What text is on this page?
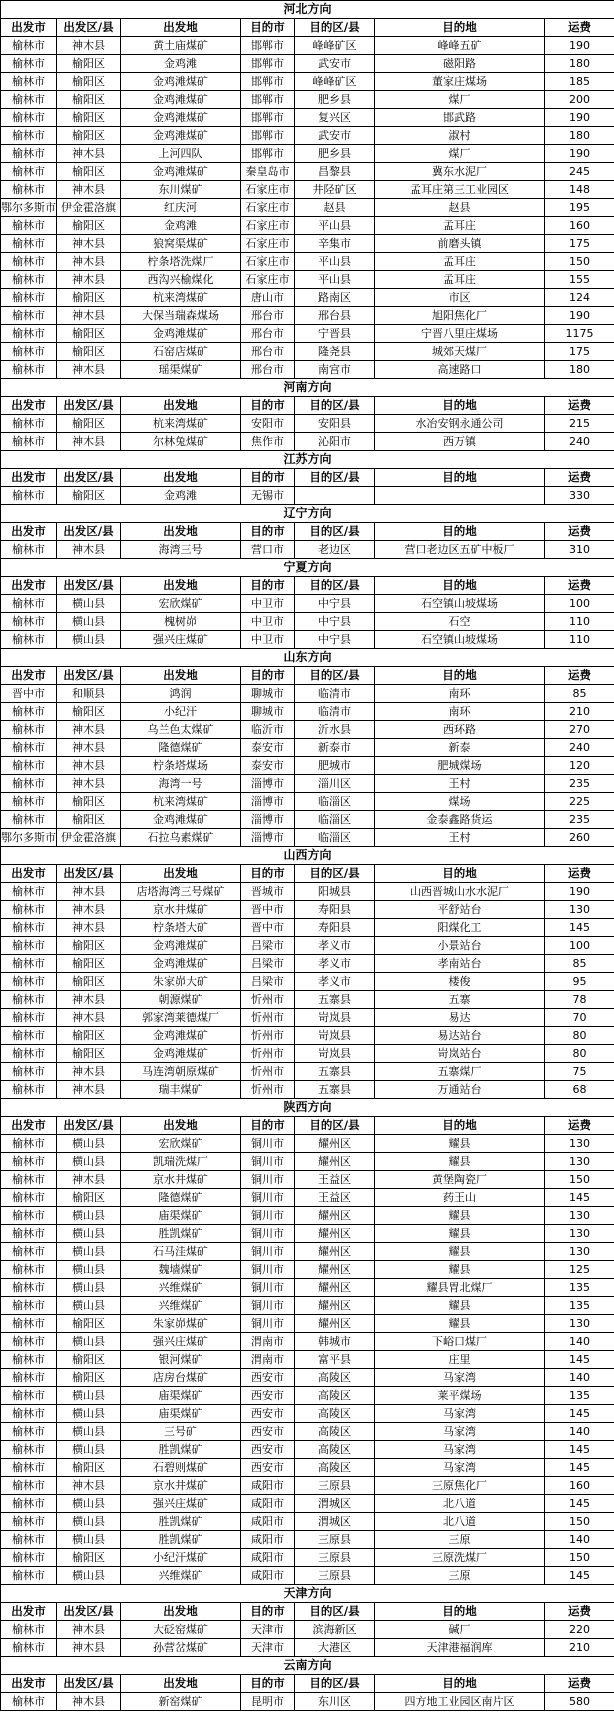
河北方向						
出发市	出发区/县	出发地	目的市	目的区/县	目的地	运费
榆林市	神木县	黄土庙煤矿	邯郸市	峰峰矿区	峰峰五矿	190
榆林市	榆阳区	金鸡滩	邯郸市	武安市	磁阳路	180
榆林市	榆阳区	金鸡滩煤矿	邯郸市	峰峰矿区	董家庄煤场	185
榆林市	榆阳区	金鸡滩煤矿	邯郸市	肥乡县	煤厂	200
榆林市	榆阳区	金鸡滩煤矿	邯郸市	复兴区	邯武路	190
榆林市	榆阳区	金鸡滩煤矿	邯郸市	武安市	淑村	180
榆林市	神木县	上河四队	邯郸市	肥乡县	煤厂	190
榆林市	榆阳区	金鸡滩煤矿	秦皇岛市	昌黎县	冀东水泥厂	245
榆林市	神木县	东川煤矿	石家庄市	井陉矿区	孟耳庄第三工业园区	148
鄂尔多斯市	伊金霍洛旗	红庆河	石家庄市	赵县	赵县	195
榆林市	榆阳区	金鸡滩	石家庄市	平山县	孟耳庄	160
榆林市	神木县	狼窝渠煤矿	石家庄市	辛集市	前磨头镇	175
榆林市	神木县	柠条塔洗煤厂	石家庄市	平山县	孟耳庄	150
榆林市	神木县	西沟兴榆煤化	石家庄市	平山县	孟耳庄	155
榆林市	榆阳区	杭来湾煤矿	唐山市	路南区	市区	124
榆林市	神木县	大保当瑞森煤场	邢台市	邢台县	旭阳焦化厂	190
榆林市	榆阳区	金鸡滩煤矿	邢台市	宁晋县	宁晋八里庄煤场	1175
榆林市	榆阳区	石窑店煤矿	邢台市	隆尧县	城郊天煤厂	175
榆林市	神木县	瑶渠煤矿	邢台市	南宫市	高速路口	180
河南方向						
出发市	出发区/县	出发地	目的市	目的区/县	目的地	运费
榆林市	榆阳区	杭来湾煤矿	安阳市	安阳县	水冶安钢永通公司	215
榆林市	神木县	尔林兔煤矿	焦作市	沁阳市	西万镇	240
江苏方向						
出发市	出发区/县	出发地	目的市	目的区/县	目的地	运费
榆林市	榆阳区	金鸡滩	无锡市			330
辽宁方向						
出发市	出发区/县	出发地	目的市	目的区/县	目的地	运费
榆林市	神木县	海湾三号	营口市	老边区	营口老边区五矿中板厂	310
宁夏方向						
出发市	出发区/县	出发地	目的市	目的区/县	目的地	运费
榆林市	横山县	宏欣煤矿	中卫市	中宁县	石空镇山坡煤场	100
榆林市	横山县	槐树峁	中卫市	中宁县	石空	110
榆林市	横山县	强兴庄煤矿	中卫市	中宁县	石空镇山坡煤场	110
山东方向						
出发市	出发区/县	出发地	目的市	目的区/县	目的地	运费
晋中市	和顺县	鸿润	聊城市	临清市	南环	85
榆林市	榆阳区	小纪汗	聊城市	临清市	南环	210
榆林市	神木县	乌兰色太煤矿	临沂市	沂水县	西环路	270
榆林市	神木县	隆德煤矿	泰安市	新泰市	新泰	240
榆林市	神木县	柠条塔煤场	泰安市	肥城市	肥城煤场	120
榆林市	神木县	海湾一号	淄博市	淄川区	王村	235
榆林市	榆阳区	杭来湾煤矿	淄博市	临淄区	煤场	225
榆林市	榆阳区	金鸡滩煤矿	淄博市	临淄区	金泰鑫路货运	235
鄂尔多斯市	伊金霍洛旗	石拉乌素煤矿	淄博市	临淄区	王村	260
山西方向						
出发市	出发区/县	出发地	目的市	目的区/县	目的地	运费
榆林市	神木县	店塔海湾三号煤矿	晋城市	阳城县	山西晋城山水水泥厂	190
榆林市	神木县	京水井煤矿	晋中市	寿阳县	平舒站台	130
榆林市	神木县	柠条塔大矿	晋中市	寿阳县	阳煤化工	145
榆林市	榆阳区	金鸡滩煤矿	吕梁市	孝义市	小景站台	100
榆林市	榆阳区	金鸡滩煤矿	吕梁市	孝义市	孝南站台	85
榆林市	榆阳区	朱家峁大矿	吕梁市	孝义市	楼俊	95
榆林市	神木县	朝源煤矿	忻州市	五寨县	五寨	78
榆林市	神木县	郭家湾莱德煤厂	忻州市	岢岚县	易达	70
榆林市	榆阳区	金鸡滩煤矿	忻州市	岢岚县	易达站台	80
榆林市	榆阳区	金鸡滩煤矿	忻州市	岢岚县	岢岚站台	80
榆林市	神木县	马连湾朝原煤矿	忻州市	五寨县	五寨煤厂	75
榆林市	神木县	瑞丰煤矿	忻州市	五寨县	万通站台	68
陕西方向						
出发市	出发区/县	出发地	目的市	目的区/县	目的地	运费
榆林市	横山县	宏欣煤矿	铜川市	耀州区	耀县	130
榆林市	横山县	凯瑞洗煤厂	铜川市	耀州区	耀县	130
榆林市	神木县	京水井煤矿	铜川市	王益区	黄堡陶瓷厂	150
榆林市	榆阳区	隆德煤矿	铜川市	王益区	药王山	145
榆林市	横山县	庙渠煤矿	铜川市	耀州区	耀县	130
榆林市	横山县	胜凯煤矿	铜川市	耀州区	耀县	130
榆林市	横山县	石马洼煤矿	铜川市	耀州区	耀县	130
榆林市	横山县	魏墙煤矿	铜川市	耀州区	耀县	125
榆林市	横山县	兴维煤矿	铜川市	耀州区	耀县胃北煤厂	135
榆林市	横山县	兴维煤矿	铜川市	耀州区	耀县	135
榆林市	榆阳区	朱家峁煤矿	铜川市	耀州区	耀县	130
榆林市	横山县	强兴庄煤矿	渭南市	韩城市	下峪口煤厂	140
榆林市	榆阳区	银河煤矿	渭南市	富平县	庄里	145
榆林市	榆阳区	店房台煤矿	西安市	高陵区	马家湾	140
榆林市	横山县	庙渠煤矿	西安市	高陵区	莱平煤场	135
榆林市	横山县	庙渠煤矿	西安市	高陵区	马家湾	145
榆林市	横山县	三号矿	西安市	高陵区	马家湾	140
榆林市	横山县	胜凯煤矿	西安市	高陵区	马家湾	145
榆林市	榆阳区	石碧则煤矿	西安市	高陵区	马家湾	145
榆林市	神木县	京水井煤矿	咸阳市	三原县	三原焦化厂	160
榆林市	横山县	强兴庄煤矿	咸阳市	渭城区	北八道	145
榆林市	横山县	胜凯煤矿	咸阳市	渭城区	北八道	150
榆林市	横山县	胜凯煤矿	咸阳市	三原县	三原	140
榆林市	榆阳区	小纪汗煤矿	咸阳市	三原县	三原洗煤厂	150
榆林市	横山县	兴维煤矿	咸阳市	三原县	三原	145
天津方向						
出发市	出发区/县	出发地	目的市	目的区/县	目的地	运费
榆林市	神木县	大砭窑煤矿	天津市	滨海新区	碱厂	220
榆林市	神木县	孙营岔煤矿	天津市	大港区	天津港福润库	210
云南方向						
出发市	出发区/县	出发地	目的市	目的区/县	目的地	运费
榆林市	神木县	新窑煤矿	昆明市	东川区	四方地工业园区南片区	580
